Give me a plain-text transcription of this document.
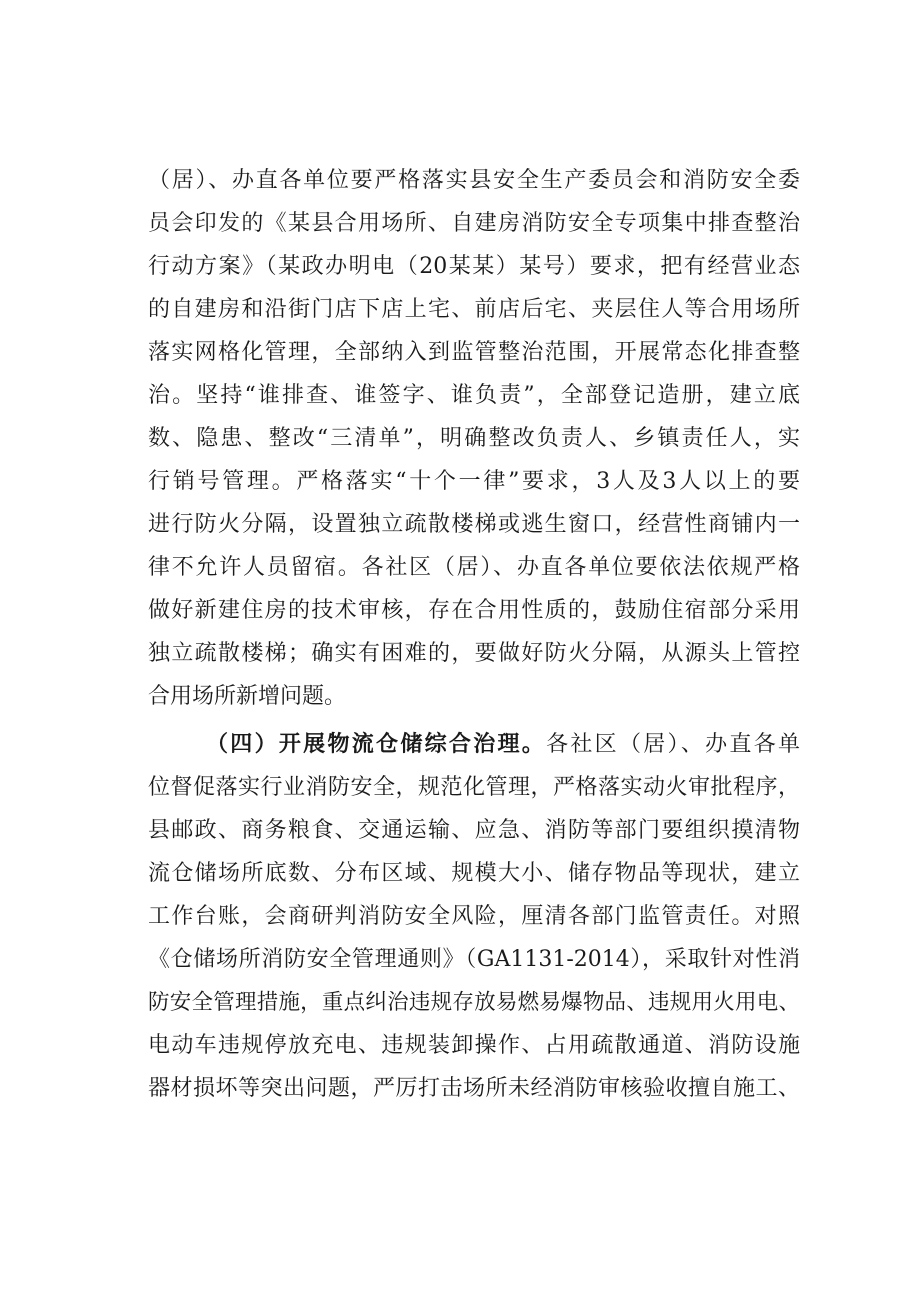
（居）、办直各单位要严格落实县安全生产委员会和消防安全委
员会印发的《某县合用场所、自建房消防安全专项集中排查整治
行动方案》（某政办明电（20某某）某号）要求，把有经营业态
的自建房和沿街门店下店上宅、前店后宅、夹层住人等合用场所
落实网格化管理，全部纳入到监管整治范围，开展常态化排查整
治。坚持“谁排查、谁签字、谁负责”，全部登记造册，建立底
数、隐患、整改“三清单”，明确整改负责人、乡镇责任人，实
行销号管理。严格落实“十个一律”要求，3人及3人以上的要
进行防火分隔，设置独立疏散楼梯或逃生窗口，经营性商铺内一
律不允许人员留宿。各社区（居）、办直各单位要依法依规严格
做好新建住房的技术审核，存在合用性质的，鼓励住宿部分采用
独立疏散楼梯；确实有困难的，要做好防火分隔，从源头上管控
合用场所新增问题。
（四）开展物流仓储综合治理。各社区（居）、办直各单
位督促落实行业消防安全，规范化管理，严格落实动火审批程序，
县邮政、商务粮食、交通运输、应急、消防等部门要组织摸清物
流仓储场所底数、分布区域、规模大小、储存物品等现状，建立
工作台账，会商研判消防安全风险，厘清各部门监管责任。对照
《仓储场所消防安全管理通则》（GA1131-2014），采取针对性消
防安全管理措施，重点纠治违规存放易燃易爆物品、违规用火用电、
电动车违规停放充电、违规装卸操作、占用疏散通道、消防设施
器材损坏等突出问题，严厉打击场所未经消防审核验收擅自施工、
